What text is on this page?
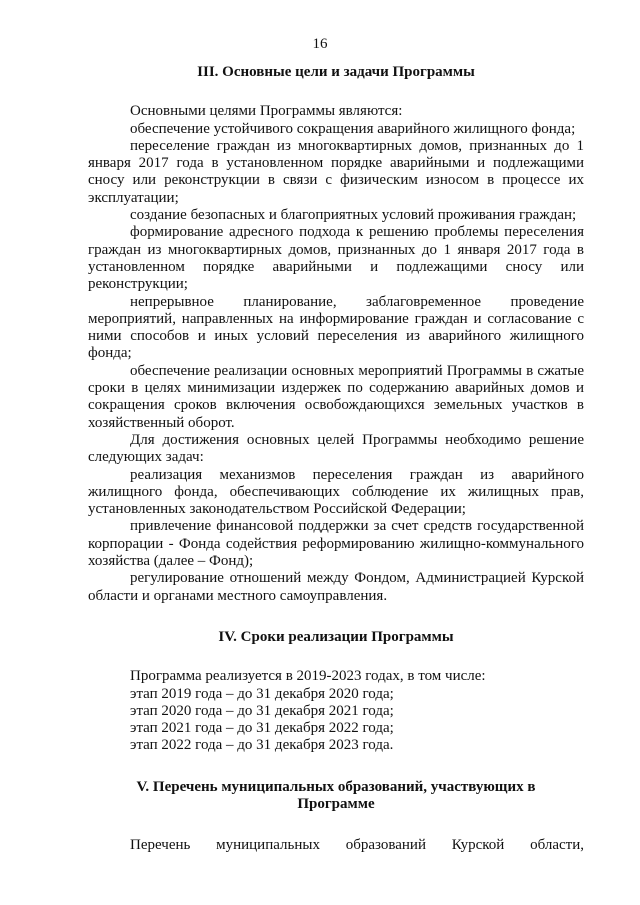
16
III. Основные цели и задачи Программы

Основными целями Программы являются:

обеспечение устойчивого сокращения аварийного жилищного фонда;

переселение граждан из многоквартирных домов, признанных до 1 января 2017 года в установленном порядке аварийными и подлежащими сносу или реконструкции в связи с физическим износом в процессе их эксплуатации;

создание безопасных и благоприятных условий проживания граждан;

формирование адресного подхода к решению проблемы переселения граждан из многоквартирных домов, признанных до 1 января 2017 года в установленном порядке аварийными и подлежащими сносу или реконструкции;

непрерывное планирование, заблаговременное проведение мероприятий, направленных на информирование граждан и согласование с ними способов и иных условий переселения из аварийного жилищного фонда;

обеспечение реализации основных мероприятий Программы в сжатые сроки в целях минимизации издержек по содержанию аварийных домов и сокращения сроков включения освобождающихся земельных участков в хозяйственный оборот.

Для достижения основных целей Программы необходимо решение следующих задач:

реализация механизмов переселения граждан из аварийного жилищного фонда, обеспечивающих соблюдение их жилищных прав, установленных законодательством Российской Федерации;

привлечение финансовой поддержки за счет средств государственной корпорации - Фонда содействия реформированию жилищно-коммунального хозяйства (далее – Фонд);

регулирование отношений между Фондом, Администрацией Курской области и органами местного самоуправления.

IV. Сроки реализации Программы

Программа реализуется в 2019-2023 годах, в том числе:

этап 2019 года – до 31 декабря 2020 года;

этап 2020 года – до 31 декабря 2021 года;

этап 2021 года – до 31 декабря 2022 года;

этап 2022 года – до 31 декабря 2023 года.

V. Перечень муниципальных образований, участвующих в
Программе

Перечень муниципальных образований Курской области,
